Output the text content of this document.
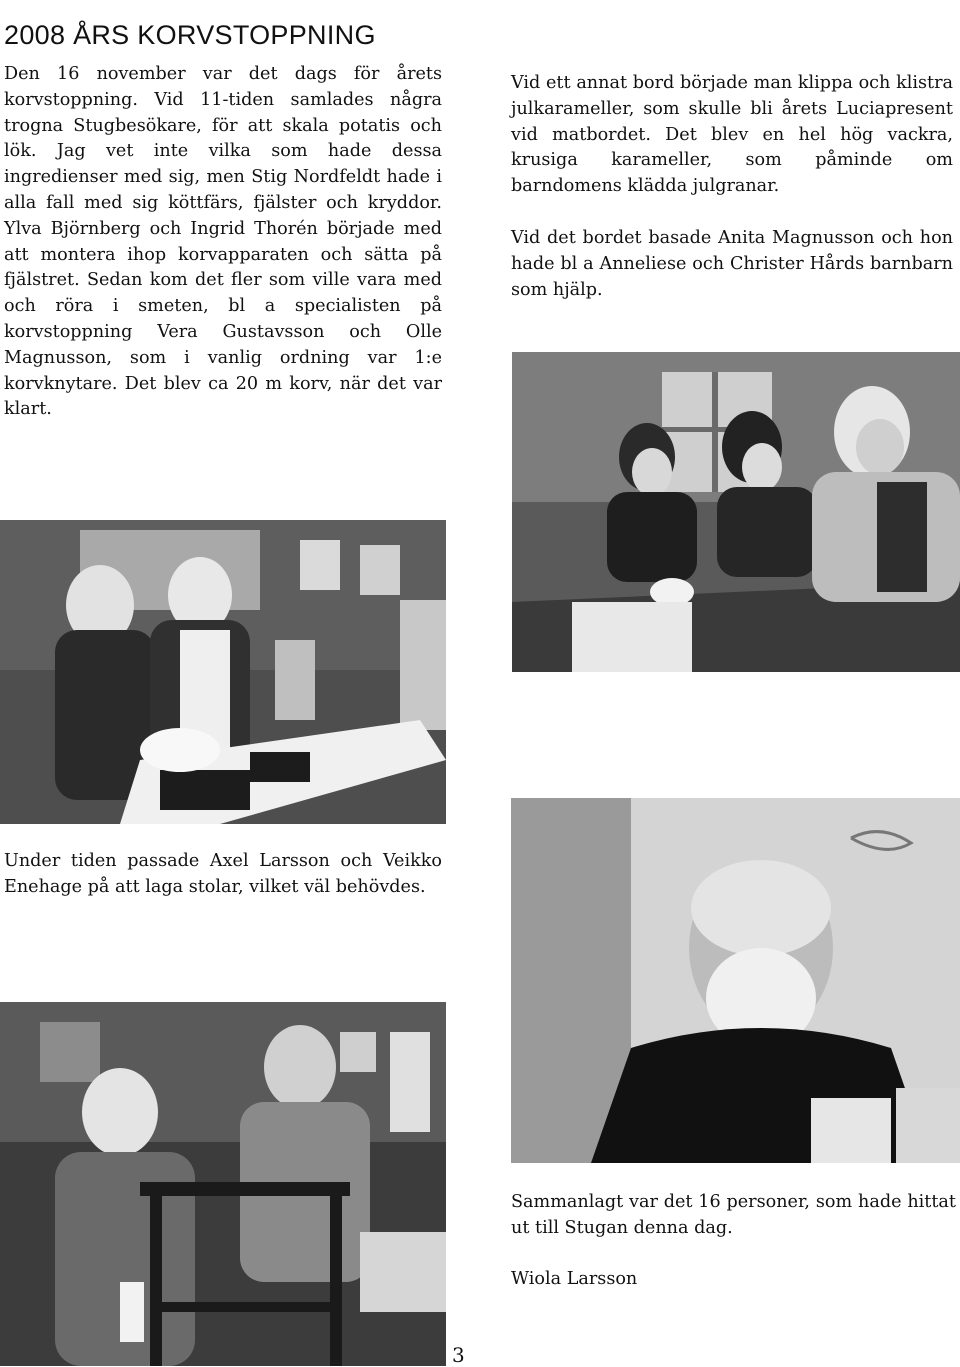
2008 ÅRS KORVSTOPPNING

Den 16 november var det dags för årets korvstoppning. Vid 11-tiden samlades några trogna Stugbesökare, för att skala potatis och lök. Jag vet inte vilka som hade dessa ingredienser med sig, men Stig Nordfeldt hade i alla fall med sig köttfärs, fjälster och kryddor. Ylva Björnberg och Ingrid Thorén började med att montera ihop korvapparaten och sätta på fjälstret. Sedan kom det fler som ville vara med och röra i smeten, bl a specialisten på korvstoppning Vera Gustavsson och Olle Magnusson, som i vanlig ordning var 1:e korvknytare. Det blev ca 20 m korv, när det var klart.

Vid ett annat bord började man klippa och klistra julkarameller, som skulle bli årets Luciapresent vid matbordet. Det blev en hel hög vackra, krusiga karameller, som påminde om barndomens klädda julgranar.

Vid det bordet basade Anita Magnusson och hon hade bl a Anneliese och Christer Hårds barnbarn som hjälp.

Under tiden passade Axel Larsson och Veikko Enehage på att laga stolar, vilket väl behövdes.

Sammanlagt var det 16 personer, som hade hittat ut till Stugan denna dag.

Wiola Larsson

3
